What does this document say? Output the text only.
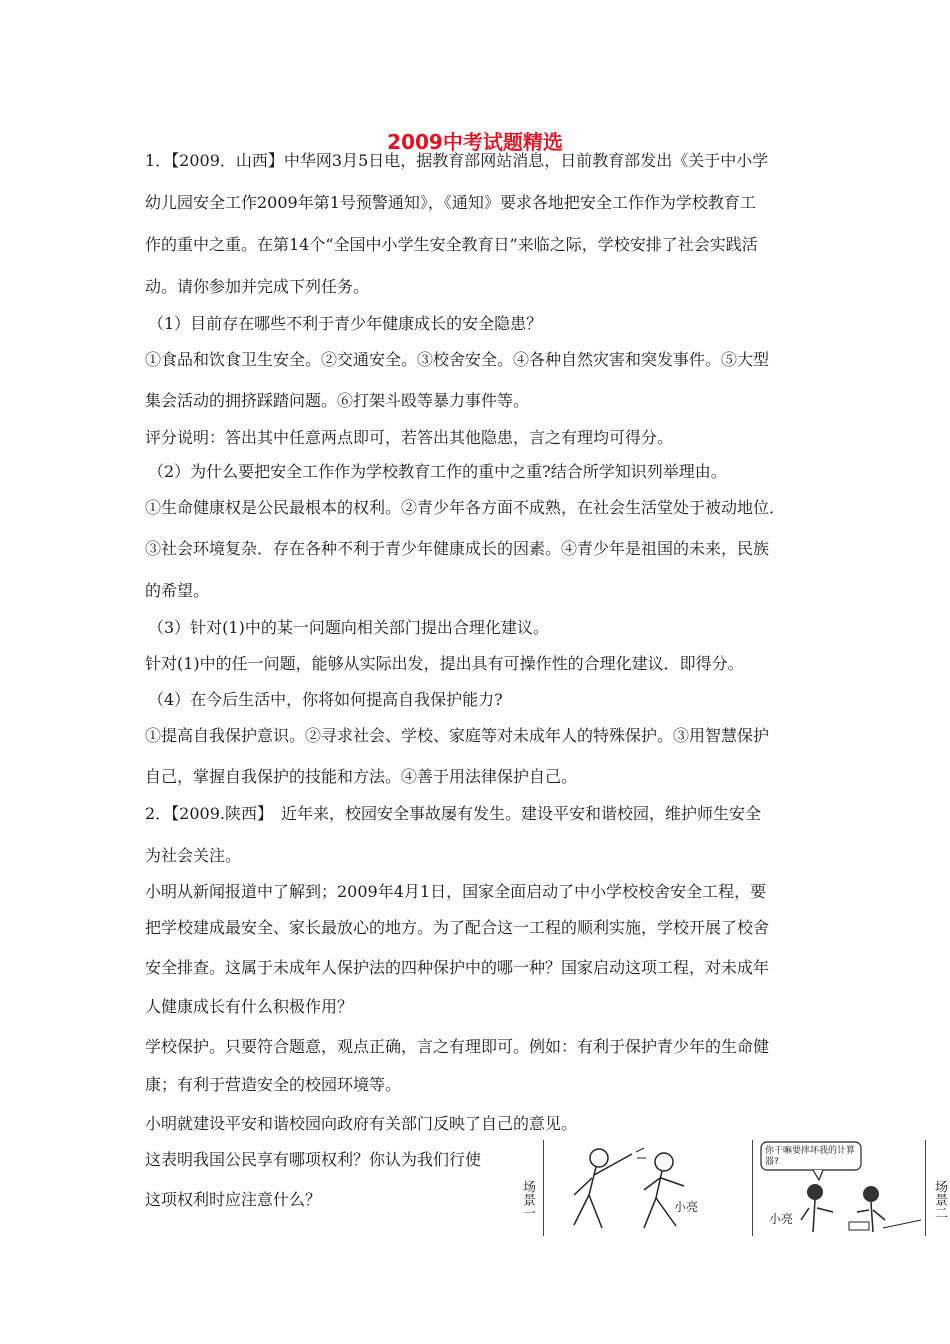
2009中考试题精选
1．【2009．山西】中华网3月5日电，据教育部网站消息，日前教育部发出《关于中小学
幼儿园安全工作2009年第1号预警通知》，《通知》要求各地把安全工作作为学校教育工
作的重中之重。在第14个“全国中小学生安全教育日”来临之际，学校安排了社会实践活
动。请你参加并完成下列任务。
（1）目前存在哪些不利于青少年健康成长的安全隐患？
①食品和饮食卫生安全。②交通安全。③校舍安全。④各种自然灾害和突发事件。⑤大型
集会活动的拥挤踩踏问题。⑥打架斗殴等暴力事件等。
评分说明：答出其中任意两点即可，若答出其他隐患，言之有理均可得分。
（2）为什么要把安全工作作为学校教育工作的重中之重?结合所学知识列举理由。
①生命健康权是公民最根本的权利。②青少年各方面不成熟，在社会生活堂处于被动地位．
③社会环境复杂．存在各种不利于青少年健康成长的因素。④青少年是祖国的未来，民族
的希望。
（3）针对(1)中的某一问题向相关部门提出合理化建议。
针对(1)中的任一问题，能够从实际出发，提出具有可操作性的合理化建议．即得分。
（4）在今后生活中，你将如何提高自我保护能力?
①提高自我保护意识。②寻求社会、学校、家庭等对未成年人的特殊保护。③用智慧保护
自己，掌握自我保护的技能和方法。④善于用法律保护自己。
2．【2009.陕西】　近年来，校园安全事故屡有发生。建设平安和谐校园，维护师生安全
为社会关注。
小明从新闻报道中了解到；2009年4月1日，国家全面启动了中小学校校舍安全工程，要
把学校建成最安全、家长最放心的地方。为了配合这一工程的顺利实施，学校开展了校舍
安全排查。这属于未成年人保护法的四种保护中的哪一种？国家启动这项工程，对未成年
人健康成长有什么积极作用？
学校保护。只要符合题意，观点正确，言之有理即可。例如：有利于保护青少年的生命健
康；有利于营造安全的校园环境等。
小明就建设平安和谐校园向政府有关部门反映了自己的意见。
这表明我国公民享有哪项权利？你认为我们行使
这项权利时应注意什么？	小亮
场景一
你干嘛要摔坏我的计算器?
小亮	场景二
